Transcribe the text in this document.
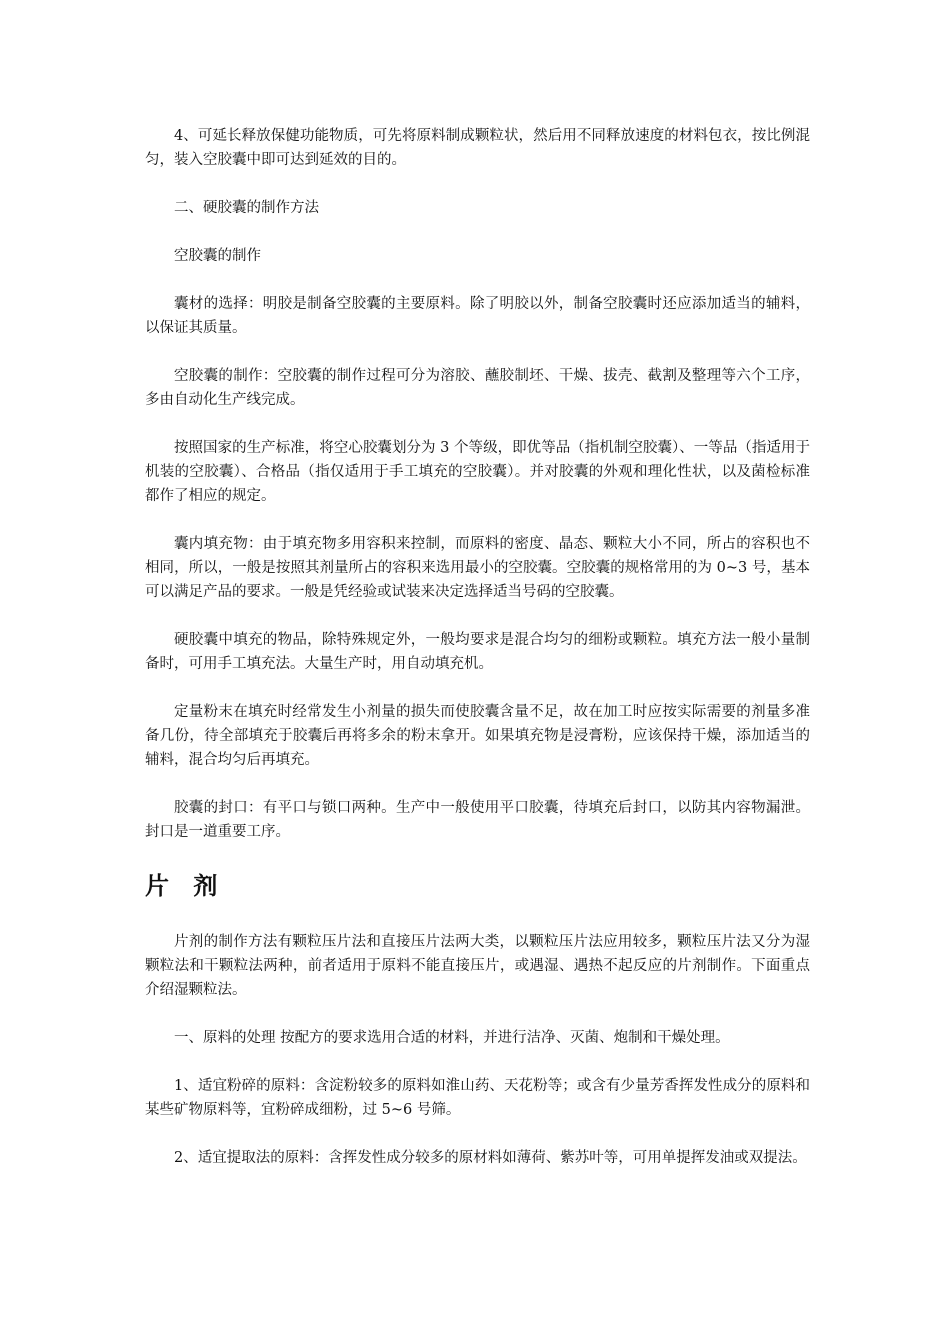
4、可延长释放保健功能物质，可先将原料制成颗粒状，然后用不同释放速度的材料包衣，按比例混匀，装入空胶囊中即可达到延效的目的。

二、硬胶囊的制作方法

空胶囊的制作

囊材的选择：明胶是制备空胶囊的主要原料。除了明胶以外，制备空胶囊时还应添加适当的辅料，以保证其质量。

空胶囊的制作：空胶囊的制作过程可分为溶胶、蘸胶制坯、干燥、拔壳、截割及整理等六个工序，多由自动化生产线完成。

按照国家的生产标准，将空心胶囊划分为 3 个等级，即优等品（指机制空胶囊）、一等品（指适用于机装的空胶囊）、合格品（指仅适用于手工填充的空胶囊）。并对胶囊的外观和理化性状，以及菌检标准都作了相应的规定。

囊内填充物：由于填充物多用容积来控制，而原料的密度、晶态、颗粒大小不同，所占的容积也不相同，所以，一般是按照其剂量所占的容积来选用最小的空胶囊。空胶囊的规格常用的为 0~3 号，基本可以满足产品的要求。一般是凭经验或试装来决定选择适当号码的空胶囊。

硬胶囊中填充的物品，除特殊规定外，一般均要求是混合均匀的细粉或颗粒。填充方法一般小量制备时，可用手工填充法。大量生产时，用自动填充机。

定量粉末在填充时经常发生小剂量的损失而使胶囊含量不足，故在加工时应按实际需要的剂量多准备几份，待全部填充于胶囊后再将多余的粉末拿开。如果填充物是浸膏粉，应该保持干燥，添加适当的辅料，混合均匀后再填充。

胶囊的封口：有平口与锁口两种。生产中一般使用平口胶囊，待填充后封口，以防其内容物漏泄。封口是一道重要工序。

片 剂

片剂的制作方法有颗粒压片法和直接压片法两大类，以颗粒压片法应用较多，颗粒压片法又分为湿颗粒法和干颗粒法两种，前者适用于原料不能直接压片，或遇湿、遇热不起反应的片剂制作。下面重点介绍湿颗粒法。

一、原料的处理 按配方的要求选用合适的材料，并进行洁净、灭菌、炮制和干燥处理。

1、适宜粉碎的原料：含淀粉较多的原料如淮山药、天花粉等；或含有少量芳香挥发性成分的原料和某些矿物原料等，宜粉碎成细粉，过 5~6 号筛。

2、适宜提取法的原料：含挥发性成分较多的原材料如薄荷、紫苏叶等，可用单提挥发油或双提法。
